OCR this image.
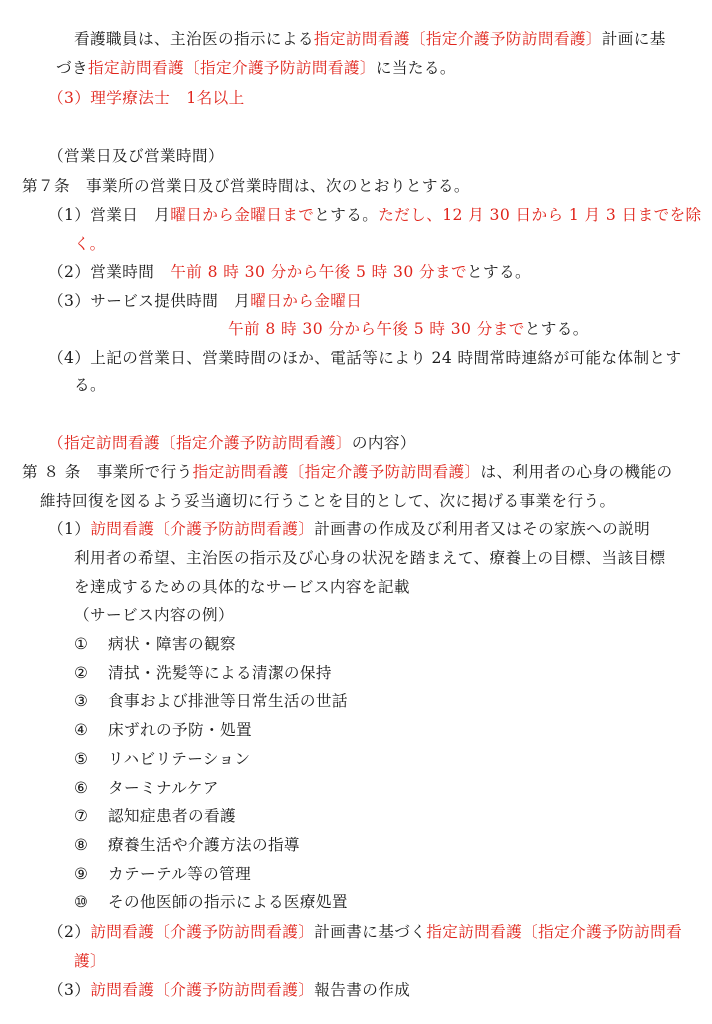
看護職員は、主治医の指示による指定訪問看護〔指定介護予防訪問看護〕計画に基
づき指定訪問看護〔指定介護予防訪問看護〕に当たる。
（3）理学療法士　1名以上
（営業日及び営業時間）
第７条　事業所の営業日及び営業時間は、次のとおりとする。
（1）営業日　月曜日から金曜日までとする。ただし、12 月 30 日から 1 月 3 日までを除
く。
（2）営業時間　午前 8 時 30 分から午後 5 時 30 分までとする。
（3）サービス提供時間　月曜日から金曜日
午前 8 時 30 分から午後 5 時 30 分までとする。
（4）上記の営業日、営業時間のほか、電話等により 24 時間常時連絡が可能な体制とす
る。
（指定訪問看護〔指定介護予防訪問看護〕の内容）
第 ８ 条　事業所で行う指定訪問看護〔指定介護予防訪問看護〕は、利用者の心身の機能の
維持回復を図るよう妥当適切に行うことを目的として、次に掲げる事業を行う。
（1）訪問看護〔介護予防訪問看護〕計画書の作成及び利用者又はその家族への説明
利用者の希望、主治医の指示及び心身の状況を踏まえて、療養上の目標、当該目標
を達成するための具体的なサービス内容を記載
（サービス内容の例）
① 病状・障害の観察
② 清拭・洗髪等による清潔の保持
③ 食事および排泄等日常生活の世話
④ 床ずれの予防・処置
⑤ リハビリテーション
⑥ ターミナルケア
⑦ 認知症患者の看護
⑧ 療養生活や介護方法の指導
⑨ カテーテル等の管理
⑩ その他医師の指示による医療処置
（2）訪問看護〔介護予防訪問看護〕計画書に基づく指定訪問看護〔指定介護予防訪問看
護〕
（3）訪問看護〔介護予防訪問看護〕報告書の作成
